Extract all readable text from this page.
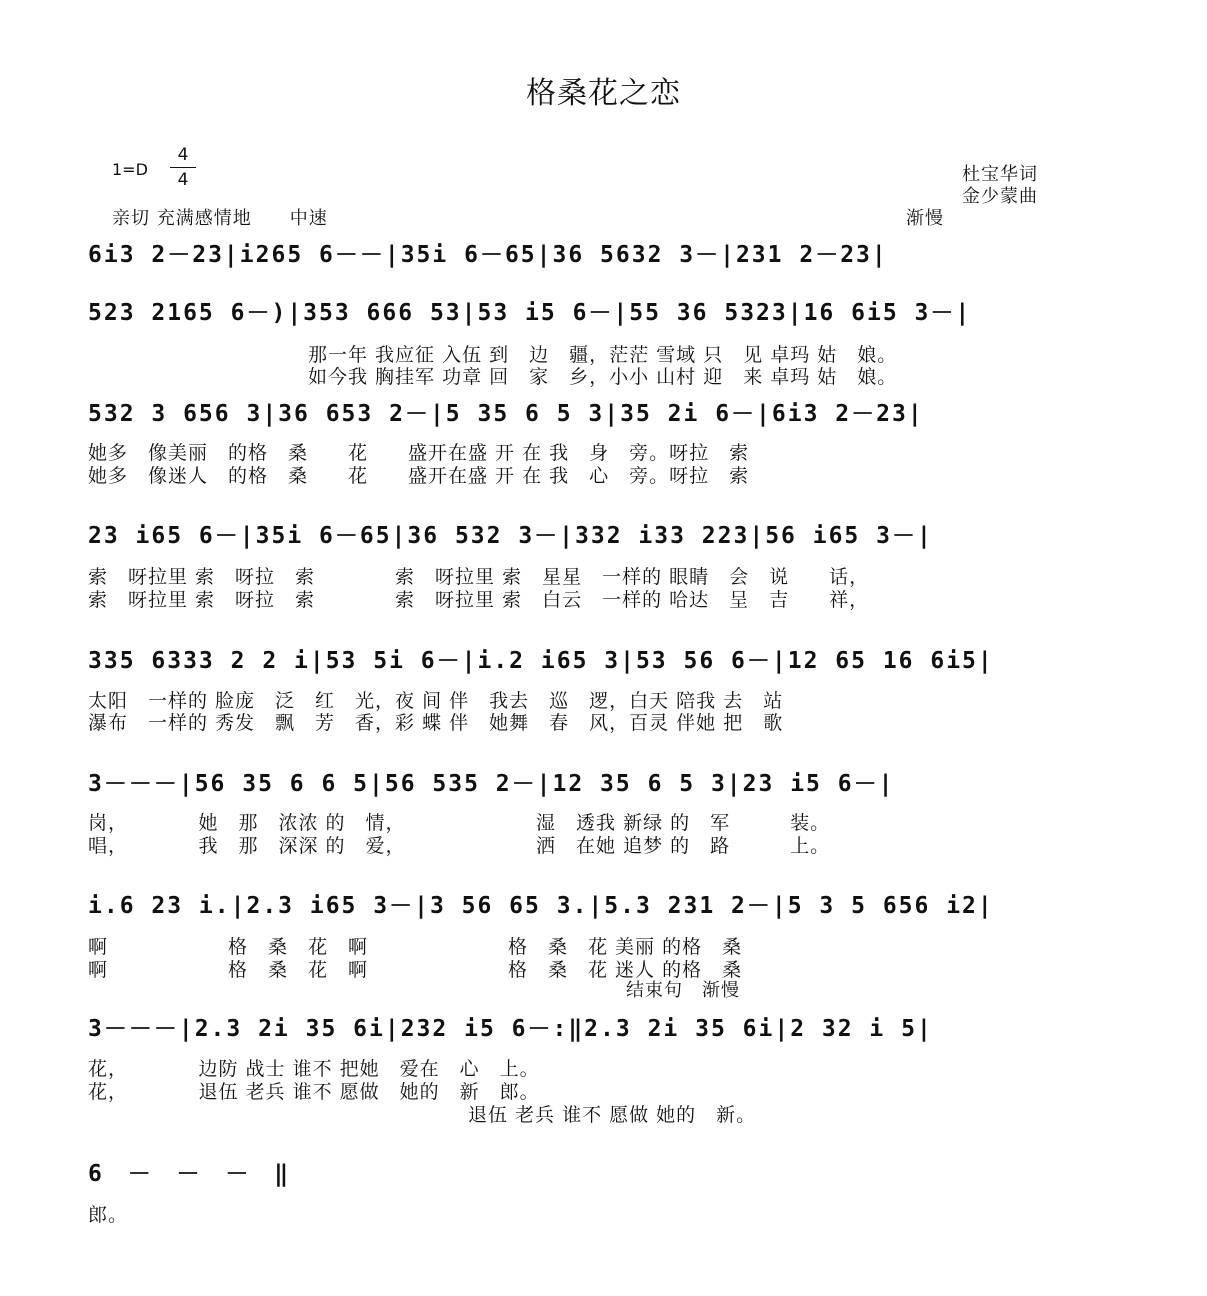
格桑花之恋
1=D
4
4	杜宝华词
金少蒙曲
亲切 充满感情地　　中速	渐慢
结束句　渐慢
6i3 2－23|i265 6－－|35i 6－65|36 5632 3－|231 2－23|
523 2165 6－)|353 666 53|53 i5 6－|55 36 5323|16 6i5 3－|
　　　　　　　　　　　那一年 我应征 入伍 到　边　疆，茫茫 雪域 只　见 卓玛 姑　娘。
　　　　　　　　　　　如今我 胸挂军 功章 回　家　乡，小小 山村 迎　来 卓玛 姑　娘。
532 3 656 3|36 653 2－|5 35 6 5 3|35 2i 6－|6i3 2－23|
她多　像美丽　的格　桑　　花　　盛开在盛 开 在 我　身　旁。呀拉　索
她多　像迷人　的格　桑　　花　　盛开在盛 开 在 我　心　旁。呀拉　索
23 i65 6－|35i 6－65|36 532 3－|332 i33 223|56 i65 3－|
索　呀拉里 索　呀拉　索　　　　索　呀拉里 索　星星　一样的 眼睛　会　说　　话，
索　呀拉里 索　呀拉　索　　　　索　呀拉里 索　白云　一样的 哈达　呈　吉　　祥，
335 6333 2 2 i|53 5i 6－|i.2 i65 3|53 56 6－|12 65 16 6i5|
太阳　一样的 脸庞　泛　红　光，夜 间 伴　我去　巡　逻，白天 陪我 去　站
瀑布　一样的 秀发　飘　芳　香，彩 蝶 伴　她舞　春　风，百灵 伴她 把　歌
3－－－|56 35 6 6 5|56 535 2－|12 35 6 5 3|23 i5 6－|
岗，　　　　她　那　浓浓 的　情，　　　　　　　湿　透我 新绿 的　军　　　装。
唱，　　　　我　那　深深 的　爱，　　　　　　　洒　在她 追梦 的　路　　　上。
i.6 23 i.|2.3 i65 3－|3 56 65 3.|5.3 231 2－|5 3 5 656 i2|
啊　　　　　　格　桑　花　啊　　　　　　　格　桑　花 美丽 的格　桑
啊　　　　　　格　桑　花　啊　　　　　　　格　桑　花 迷人 的格　桑
3－－－|2.3 2i 35 6i|232 i5 6－:‖2.3 2i 35 6i|2 32 i 5|
花，　　　　边防 战士 谁不 把她　爱在　心　上。
花，　　　　退伍 老兵 谁不 愿做　她的　新　郎。
　　　　　　　　　　　　　　　　　　　退伍 老兵 谁不 愿做 她的　新。
6 － － － ‖
郎。
